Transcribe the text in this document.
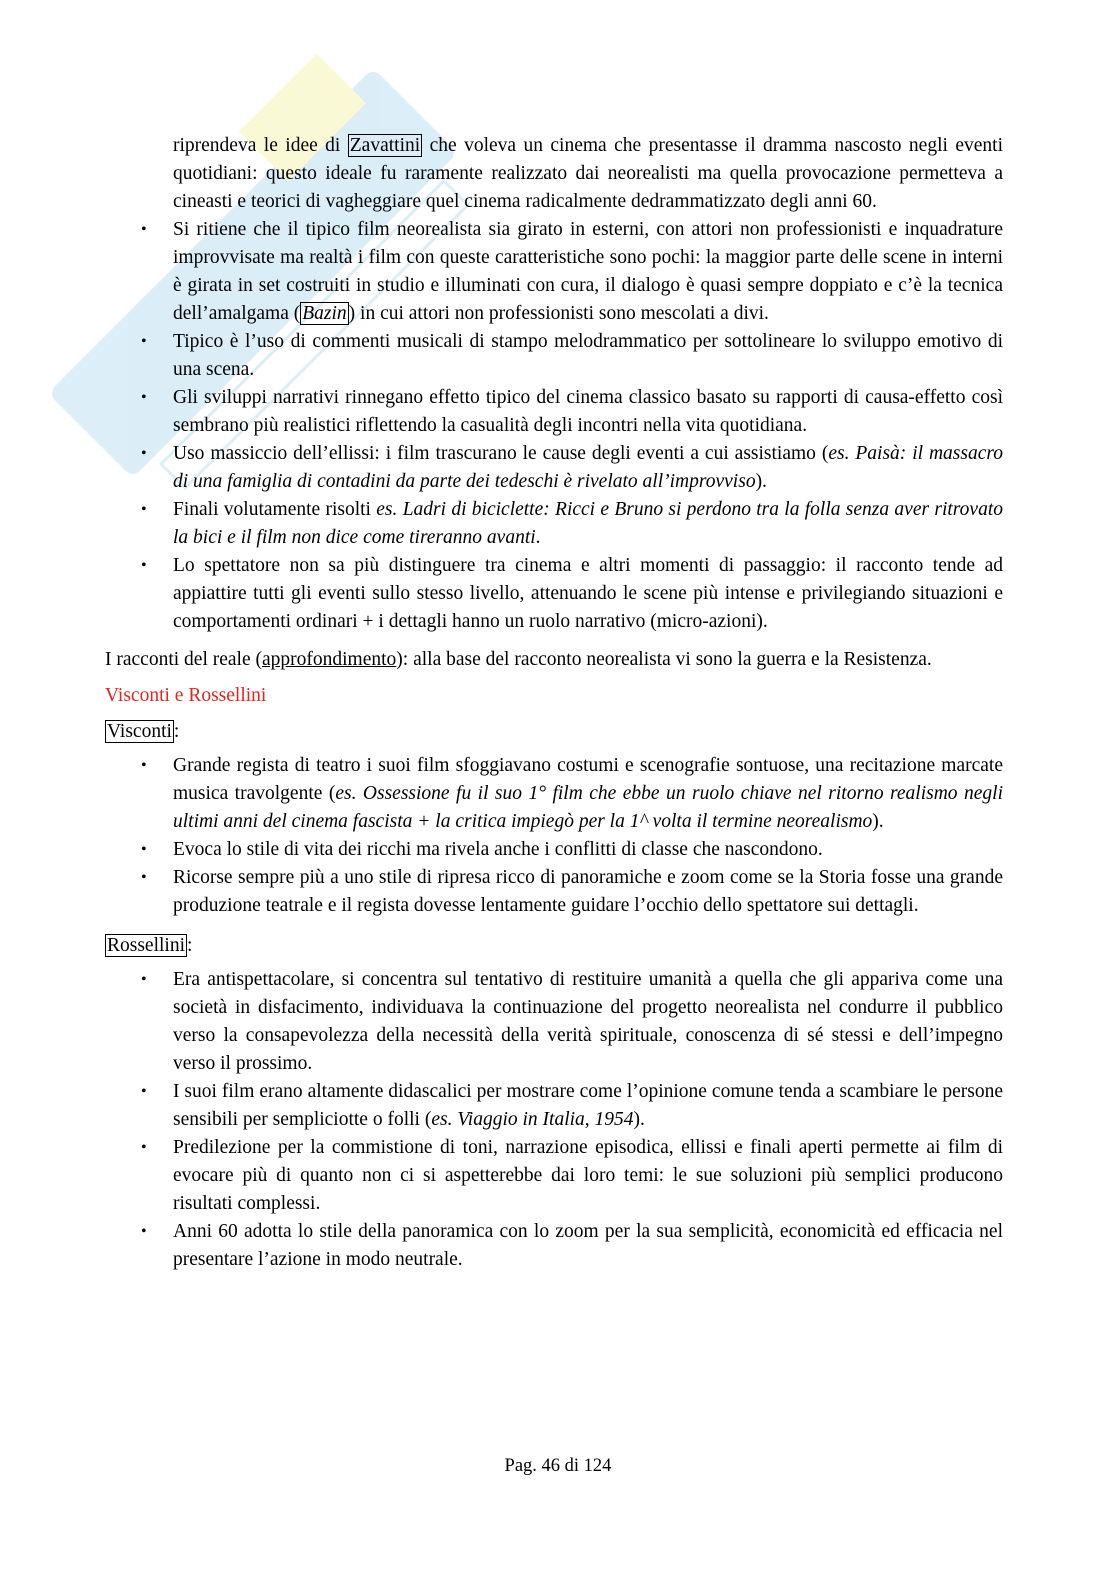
riprendeva le idee di Zavattini che voleva un cinema che presentasse il dramma nascosto negli eventi quotidiani: questo ideale fu raramente realizzato dai neorealisti ma quella provocazione permetteva a cineasti e teorici di vagheggiare quel cinema radicalmente dedrammatizzato degli anni 60.

• Si ritiene che il tipico film neorealista sia girato in esterni, con attori non professionisti e inquadrature improvvisate ma realtà i film con queste caratteristiche sono pochi: la maggior parte delle scene in interni è girata in set costruiti in studio e illuminati con cura, il dialogo è quasi sempre doppiato e c’è la tecnica dell’amalgama ( Bazin ) in cui attori non professionisti sono mescolati a divi.
• Tipico è l’uso di commenti musicali di stampo melodrammatico per sottolineare lo sviluppo emotivo di una scena.
• Gli sviluppi narrativi rinnegano effetto tipico del cinema classico basato su rapporti di causa-effetto così sembrano più realistici riflettendo la casualità degli incontri nella vita quotidiana.
• Uso massiccio dell’ellissi: i film trascurano le cause degli eventi a cui assistiamo (es. Paisà: il massacro di una famiglia di contadini da parte dei tedeschi è rivelato all’improvviso).
• Finali volutamente risolti es. Ladri di biciclette: Ricci e Bruno si perdono tra la folla senza aver ritrovato la bici e il film non dice come tireranno avanti.
• Lo spettatore non sa più distinguere tra cinema e altri momenti di passaggio: il racconto tende ad appiattire tutti gli eventi sullo stesso livello, attenuando le scene più intense e privilegiando situazioni e comportamenti ordinari + i dettagli hanno un ruolo narrativo (micro-azioni).

I racconti del reale (approfondimento): alla base del racconto neorealista vi sono la guerra e la Resistenza.

Visconti e Rossellini
Visconti :
• Grande regista di teatro i suoi film sfoggiavano costumi e scenografie sontuose, una recitazione marcate musica travolgente (es. Ossessione fu il suo 1° film che ebbe un ruolo chiave nel ritorno realismo negli ultimi anni del cinema fascista + la critica impiegò per la 1^ volta il termine neorealismo).
• Evoca lo stile di vita dei ricchi ma rivela anche i conflitti di classe che nascondono.
• Ricorse sempre più a uno stile di ripresa ricco di panoramiche e zoom come se la Storia fosse una grande produzione teatrale e il regista dovesse lentamente guidare l’occhio dello spettatore sui dettagli.
Rossellini :
• Era antispettacolare, si concentra sul tentativo di restituire umanità a quella che gli appariva come una società in disfacimento, individuava la continuazione del progetto neorealista nel condurre il pubblico verso la consapevolezza della necessità della verità spirituale, conoscenza di sé stessi e dell’impegno verso il prossimo.
• I suoi film erano altamente didascalici per mostrare come l’opinione comune tenda a scambiare le persone sensibili per sempliciotte o folli (es. Viaggio in Italia, 1954).
• Predilezione per la commistione di toni, narrazione episodica, ellissi e finali aperti permette ai film di evocare più di quanto non ci si aspetterebbe dai loro temi: le sue soluzioni più semplici producono risultati complessi.
• Anni 60 adotta lo stile della panoramica con lo zoom per la sua semplicità, economicità ed efficacia nel presentare l’azione in modo neutrale.
Pag. 46 di 124
